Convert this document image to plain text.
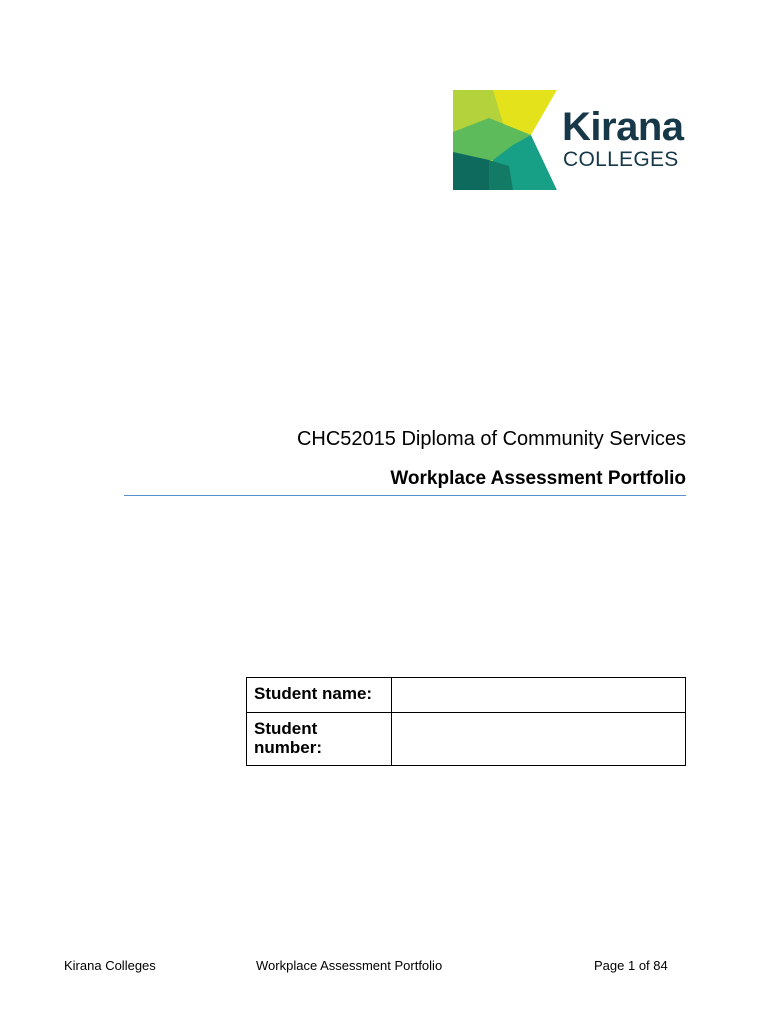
Kirana
COLLEGES
CHC52015 Diploma of Community Services
Workplace Assessment Portfolio
Student name:	
Student number:	
Kirana Colleges	Workplace Assessment Portfolio	Page 1 of 84
